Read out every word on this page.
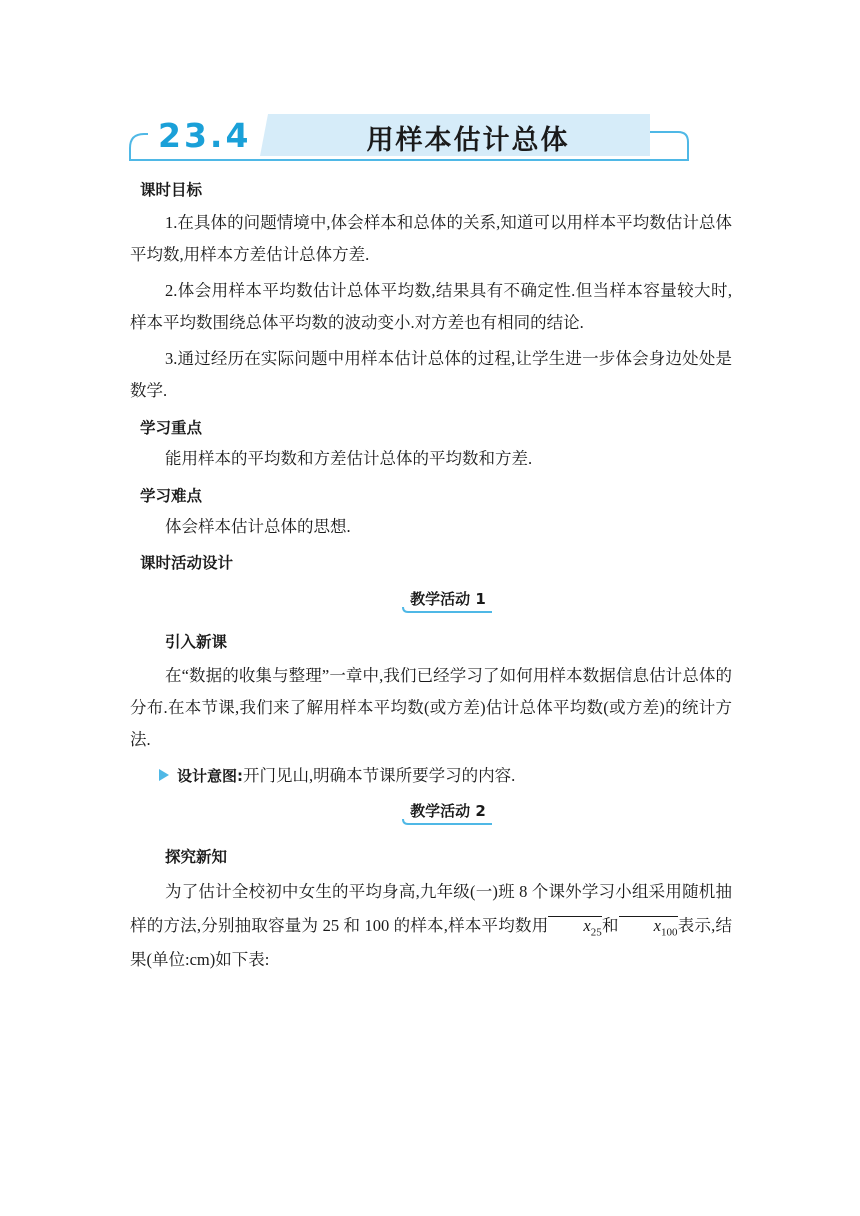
23.4	用样本估计总体
课时目标
1.在具体的问题情境中,体会样本和总体的关系,知道可以用样本平均数估计总体平均数,用样本方差估计总体方差.
2.体会用样本平均数估计总体平均数,结果具有不确定性.但当样本容量较大时,样本平均数围绕总体平均数的波动变小.对方差也有相同的结论.
3.通过经历在实际问题中用样本估计总体的过程,让学生进一步体会身边处处是数学.
学习重点
能用样本的平均数和方差估计总体的平均数和方差.
学习难点
体会样本估计总体的思想.
课时活动设计
教学活动 1
引入新课
在“数据的收集与整理”一章中,我们已经学习了如何用样本数据信息估计总体的分布.在本节课,我们来了解用样本平均数(或方差)估计总体平均数(或方差)的统计方法.
设计意图:开门见山,明确本节课所要学习的内容.
教学活动 2
探究新知
为了估计全校初中女生的平均身高,九年级(一)班 8 个课外学习小组采用随机抽样的方法,分别抽取容量为 25 和 100 的样本,样本平均数用 $x_{25}$和 $x_{100}$表示,结果(单位:cm)如下表:
